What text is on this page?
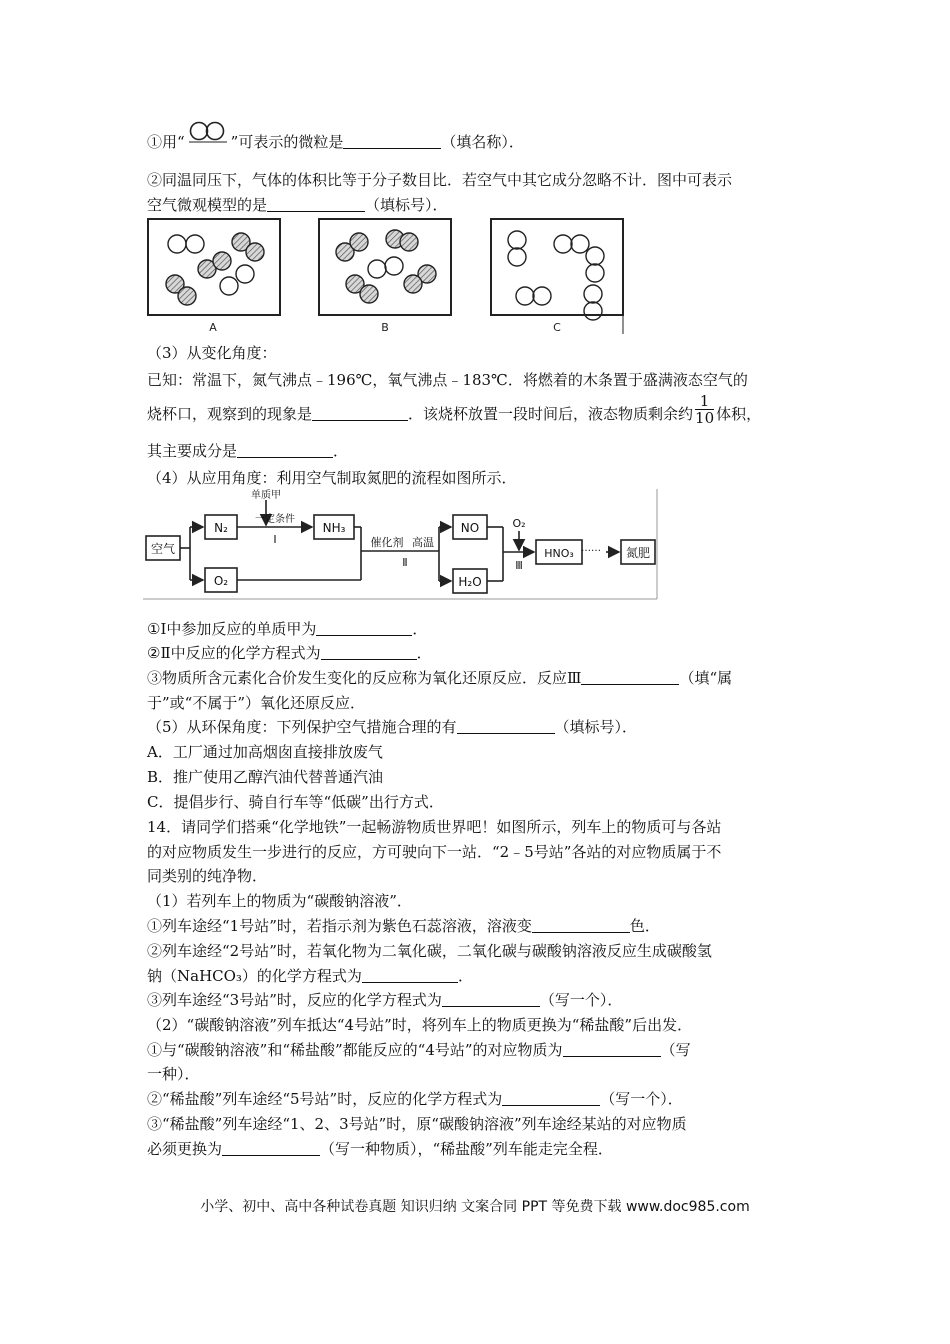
①用“	”可表示的微粒是	（填名称）．
②同温同压下，气体的体积比等于分子数目比．若空气中其它成分忽略不计．图中可表示
空气微观模型的是	（填标号）．
A	B	C
（3）从变化角度：
已知：常温下，氮气沸点﹣196℃，氧气沸点﹣183℃．将燃着的木条置于盛满液态空气的
烧杯口，观察到的现象是	．该烧杯放置一段时间后，液态物质剩余约 $\frac{1}{10}$ 体积，
其主要成分是	．
（4）从应用角度：利用空气制取氮肥的流程如图所示．
空气
N₂
O₂
NH₃	NO
H₂O
HNO₃	氮肥
单质甲
一定条件
Ⅰ	催化剂 高温
Ⅱ
O₂
Ⅲ
……
①Ⅰ中参加反应的单质甲为	．
②Ⅱ中反应的化学方程式为	．
③物质所含元素化合价发生变化的反应称为氧化还原反应．反应Ⅲ	（填“属
于”或“不属于”）氧化还原反应．
（5）从环保角度：下列保护空气措施合理的有	（填标号）．
A．工厂通过加高烟囱直接排放废气
B．推广使用乙醇汽油代替普通汽油
C．提倡步行、骑自行车等“低碳”出行方式．
14．请同学们搭乘“化学地铁”一起畅游物质世界吧！如图所示，列车上的物质可与各站
的对应物质发生一步进行的反应，方可驶向下一站．“2﹣5号站”各站的对应物质属于不
同类别的纯净物．
（1）若列车上的物质为“碳酸钠溶液”．
①列车途经“1号站”时，若指示剂为紫色石蕊溶液，溶液变	色．
②列车途经“2号站”时，若氧化物为二氧化碳，二氧化碳与碳酸钠溶液反应生成碳酸氢
钠（NaHCO₃）的化学方程式为	．
③列车途经“3号站”时，反应的化学方程式为	（写一个）．
（2）“碳酸钠溶液”列车抵达“4号站”时，将列车上的物质更换为“稀盐酸”后出发．
①与“碳酸钠溶液”和“稀盐酸”都能反应的“4号站”的对应物质为	（写
一种）．
②“稀盐酸”列车途经“5号站”时，反应的化学方程式为	（写一个）．
③“稀盐酸”列车途经“1、2、3号站”时，原“碳酸钠溶液”列车途经某站的对应物质
必须更换为	（写一种物质），“稀盐酸”列车能走完全程．
小学、初中、高中各种试卷真题 知识归纳 文案合同 PPT 等免费下载 www.doc985.com
